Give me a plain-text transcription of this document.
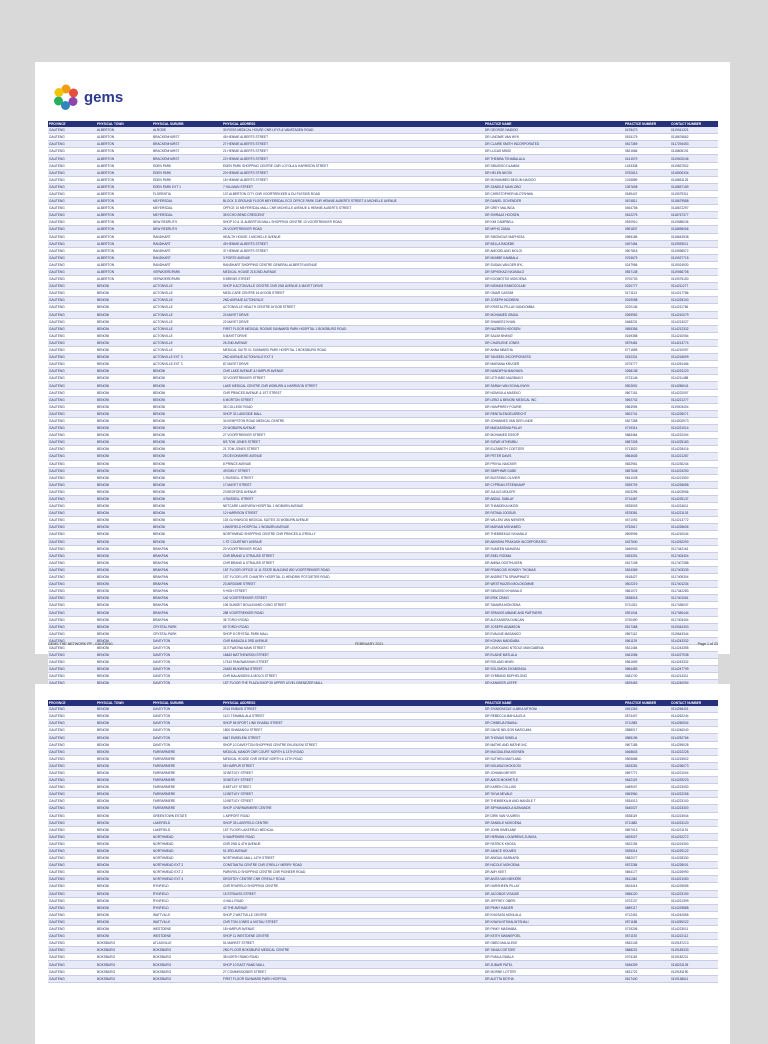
gems
PROVINCE	PHYSICAL TOWN	PHYSICAL SUBURB	PHYSICAL ADDRESS	PRACTICE NAME	PRACTICE NUMBER	CONTACT NUMBER
GAUTENG	ALBERTON	ALRODE	30 ROSS MEDICAL HOUSE CNR LEYS & VANSTADEN ROAD	DR GEORGE NAIDOO	0478473	0119041321
GAUTENG	ALBERTON	BRACKENHURST	45 HENNIE ALBERTS STREET	DR LINDIWE VAN WYK	0515175	0118676662
GAUTENG	ALBERTON	BRACKENHURST	27 HENNIE ALBERTS STREET	DR CLAIRE SMITH INCORPORATED	0617369	0117294453
GAUTENG	ALBERTON	BRACKENHURST	21 HENNIE ALBERTS STREET	DR LUCAS MNISI	0821666	0118605191
GAUTENG	ALBERTON	BRACKENHURST	22 HENNIE ALBERTS STREET	DR THEMBA TSHABALALA	0141579	0119002046
GAUTENG	ALBERTON	EDEN PARK	EDEN PARK SHOPPING CENTRE CNR LOYOLA & HARRISON STREET	DR SIBUSISO DLAMINI	1433338	0119837502
GAUTENG	ALBERTON	EDEN PARK	20 HENNIE ALBERTS STREET	DR HELEN NKOSI	0752613	0118000334
GAUTENG	ALBERTON	EDEN PARK	18 HENNIE ALBERTS STREET	DR MOHAMMED BEGUM NAIDOO	1015889	0118661125
GAUTENG	ALBERTON	EDEN PARK EXT 1	7 HILLMAN STREET	DR SANDILE MAHLOBO	1057608	0118657159
GAUTENG	ALBERTON	FLORENTIA	107 ALBERTON CITY CNR VOORTREKKER & DU PLESSIS ROAD	DR CHRISTOPHER MLOTSHWA	0189447	0119079311
GAUTENG	ALBERTON	MEYERSDAL	BLOCK D GROUND FLOOR MEYERSDAL ECO OFFICE PARK CNR HENNIE ALBERTS STREET & MICHELLE AVENUE	DR DANIEL GOVENDER	0674811	0118679588
GAUTENG	ALBERTON	MEYERSDAL	OFFICE 10 MEYERSDAL MALL CNR MICHELLE AVENUE & HENNIE ALBERTS STREET	DR GREY MALINGA	0464708	0118672297
GAUTENG	ALBERTON	MEYERSDAL	35 ECHO BEND CRESCENT	DR SHIRAAZ HOOSEN	0612275	0118767377
GAUTENG	ALBERTON	NEW REDRUTH	SHOP 10 & 11 ALBERTON MALL SHOPPING CENTRE 13 VOORTREKKER ROAD	DR KIM CAMPBELL	0920910	0119085036
GAUTENG	ALBERTON	NEW REDRUTH	26 VOORTREKKER ROAD	DR MPHO ZUMA	0591837	0118696066
GAUTENG	ALBERTON	RANDHART	HEALTH HOUSE 1 MICHELLE AVENUE	DR SIBONGILE MAPHOSA	0965186	0118643538
GAUTENG	ALBERTON	RANDHART	49 HENNIE ALBERTS STREET	DR BELLA RADEBE	0497464	0119093011
GAUTENG	ALBERTON	RANDHART	37 HENNIE ALBERTS STREET	DR AMOGELANG MOLOI	0507818	0119096572
GAUTENG	ALBERTON	RANDHART	3 PORTE AVENUE	DR MUMBE KAMBALA	0763679	0119027715
GAUTENG	ALBERTON	RANDHART	RANDHART SHOPPING CENTRE GENERAL ALBERTS AVENUE	DR SUSAN VAN DER BYL	0247956	0119024930
GAUTENG	ALBERTON	VERWOERDPARK	MEDICAL HOUSE 218 2ND AVENUE	DR SIPHOKAZI NXUMALO	0557138	0119066708
GAUTENG	ALBERTON	VERWOERDPARK	5 BREWS STREET	DR KGOMOTSO MOKOENA	0700703	0119075150
GAUTENG	BENONI	ACTONVILLE	SHOP 8 ACTONVILLE CENTRE CNR 2ND AVENUE & MAYET DRIVE	DR NISHANI RAMGOOLAM	0220777	0114211277
GAUTENG	BENONI	ACTONVILLE	MEDI-CARE CENTRE 16 AYOOB STREET	DR OMAR CASSIM	0171113	0114217786
GAUTENG	BENONI	ACTONVILLE	2ND AVENUE ACTONVILLE	DR JOSEPH NGOBENI	0319058	0114225100
GAUTENG	BENONI	ACTONVILLE	ACTONVILLE HEALTH CENTRE AYOOB STREET	DR KRISTAL PILLAY-GANGOMBA	0220146	0114211766
GAUTENG	BENONI	ACTONVILLE	24 MAYET DRIVE	DR MOHAMED ISMAIL	0269952	0114210079
GAUTENG	BENONI	ACTONVILLE	22 MAYET DRIVE	DR SHANEEZ KHAN	0468231	0114213027
GAUTENG	BENONI	ACTONVILLE	FIRST FLOOR MEDICAL ROOMS SUNWARD PARK HOSPITAL 1 BOKSBURG ROAD	DR NAZREEN HOOSEN	0655356	0114212332
GAUTENG	BENONI	ACTONVILLE	5 MAYET DRIVE	DR SALIM BHAYAT	0169358	0114210054
GAUTENG	BENONI	ACTONVILLE	26 2ND AVENUE	DR CHARLENE JONES	0579481	0114213774
GAUTENG	BENONI	ACTONVILLE	MEDICAL SUITE 01 SUNWARD PARK HOSPITAL 1 BOKSBURG ROAD	DR ANNA MBATHA	0771855	0114210097
GAUTENG	BENONI	ACTONVILLE EXT 3	2ND AVENUE ACTONVILLE EXT 3	DR TANSEEL INCORPORATED	0152331	0114216699
GAUTENG	BENONI	ACTONVILLE EXT 3	87 MAYET DRIVE	DR MARIANA KRUGER	0275777	0114251466
GAUTENG	BENONI	BENONI	CNR LAKE AVENUE & HARPUR AVENUE	DR NANDIPHA MAKHAYA	0268138	0114224120
GAUTENG	BENONI	BENONI	32 VOORTREKKER STREET	DR LETHABO MAZIBUKO	0723146	0114211488
GAUTENG	BENONI	BENONI	LAKE MEDICAL CENTRE CNR WOBURN & HARRISON STREET	DR SARAH VAN SCHALKWYK	0502691	0114256041
GAUTENG	BENONI	BENONI	CNR PRINCES AVENUE & 1ST STREET	DR NOMVULA MASEKO	0607151	0114222097
GAUTENG	BENONI	BENONI	6 MORTON STREET	DR LEBO & BENONI MEDICAL INC	0692742	0114221277
GAUTENG	BENONI	BENONI	35 COLLEGE ROAD	DR HUMPHREY FOURIE	0563994	0119003404
GAUTENG	BENONI	BENONI	SHOP 32 LAKESIDE MALL	DR RENITA ENGELBRECHT	0602741	0114228071
GAUTENG	BENONI	BENONI	34 KEMPSTON ROAD MEDICAL CENTRE	DR JOHANNES VAN DER LINDE	0527358	0114202973
GAUTENG	BENONI	BENONI	20 WOBURN AVENUE	DR MADASIGIMA PILLAY	0719314	0114221014
GAUTENG	BENONI	BENONI	27 VOORTREKKER STREET	DR MOHAMED ESSOP	0683464	0114222404
GAUTENG	BENONI	BENONI	8/3 TOM JONES STREET	DR SIZWE MTHEMBU	0687328	0114225183
GAUTENG	BENONI	BENONI	21 TOM JONES STREET	DR ELIZABETH COETZER	0713522	0114228416
GAUTENG	BENONI	BENONI	25 DEVONSHIRE AVENUE	DR PETER DAVIS	0564635	0114221287
GAUTENG	BENONI	BENONI	8 PRINCE AVENUE	DR PRIYAL NAICKER	0632961	0114230244
GAUTENG	BENONI	BENONI	49 EMILY STREET	DR SIMPHIWE DUBE	0657648	0114224250
GAUTENG	BENONI	BENONI	1 RUSSELL STREET	DR BLESSING OLIVIER	0641028	0114221500
GAUTENG	BENONI	BENONI	17 MAYET STREET	DR CYPRIAN STEENKAMP	0539703	0114226658
GAUTENG	BENONI	BENONI	23 BEDFORD AVENUE	DR JULIUS MOLEFE	0403296	0114203966
GAUTENG	BENONI	BENONI	4 RUSSELL STREET	DR ABDUL SABLAY	0714487	0114225137
GAUTENG	BENONI	BENONI	NETCARE LAKEVIEW HOSPITAL 1 WOBURN AVENUE	DR THANDEKA NKOSI	0535003	0114224611
GAUTENG	BENONI	BENONI	12 HARRISON STREET	DR FATIMA JOOSUB	0578381	0114221103
GAUTENG	BENONI	BENONI	103 GLYNWOOD MEDICAL SUITES 33 WOBURN AVENUE	DR WILLEM VAN NIEKERK	0471092	0114213772
GAUTENG	BENONI	BENONI	LINKSFIELD HOSPITAL 1 WOBURN AVENUE	DR MARIAM MOHAMED	0752617	0114226606
GAUTENG	BENONI	BENONI	NORTHMEAD SHOPPING CENTRE CNR PRINCES & O'REILLY	DR THEMBEKILE NXUMALO	0605906	0114210044
GAUTENG	BENONI	BENONI	1 ST COURTNEY AVENUE	DR ABHISHA PRAKASH INCORPORATED	0437640	0114252290
GAUTENG	BENONI	BRAKPAN	20 VOORTREKKER ROAD	DR SUMEEN MAHARAJ	0460943	0117442161
GAUTENG	BENONI	BRAKPAN	CNR BRAND & STRAUSS STREET	DR EBEL RODMA	0453251	0117403404
GAUTENG	BENONI	BRAKPAN	CNR BRAND & STRAUSS STREET	DR AMINA OOSTHUIZEN	0517108	0117407388
GAUTENG	BENONI	BRAKPAN	1ST FLOOR OFFICE 11 11 STATE BUILDING 800 VOORTREKKER ROAD	DR FRANCOIS HONSKY THOMAS	0524369	0117403339
GAUTENG	BENONI	BRAKPAN	1ST FLOOR LIFE CHANTRY HOSPITAL 11 HENDRIK POTGIETER ROAD	DR ANDRIETTA SPAMPINATO	0618427	0117409304
GAUTENG	BENONI	BRAKPAN	23 AIRDOME STREET	DR WESTHUIZEN MOLOKOMME	0502219	0117401234
GAUTENG	BENONI	BRAKPAN	9 HIGH STREET	DR SIBUSISO KHUMALO	0661072	0117442283
GAUTENG	BENONI	BRAKPAN	140 VOORTREKKER STREET	DR ERIK CRAIG	0538018	0117401061
GAUTENG	BENONI	BRAKPAN	106 SUNSET BOULEVARD CONG STREET	DR TAMARA MOKOENA	0711331	0117435037
GAUTENG	BENONI	BRAKPAN	288 VOORTREKKER ROAD	DR SPANIOS MBANE AND PARTNERS	0921044	0117450444
GAUTENG	BENONI	BRAKPAN	36 TORCH ROAD	DR ALEXANDRA DUNCAN	0730490	0117403404
GAUTENG	BENONI	CRYSTAL PARK	69 TORCH ROAD	DR JOSEPH ADAMSON	0517368	0119344303
GAUTENG	BENONI	CRYSTAL PARK	SHOP 8 CRYSTAL PARK MALL	DR EVALINE MASANGO	0567112	0119643344
GAUTENG	BENONI	DAVEYTON	CNR MABUZA & 3RD AVENUE	DR KOHAN MADIDABA	0561129	0114243332
GAUTENG	BENONI	DAVEYTON	31 ETWATWA MAIN STREET	DR LEMOGANG NTSOLE MAKGABENA	0521484	0114243355
GAUTENG	BENONI	DAVEYTON	18483 MATTHEWSON STREET	DR ELAINE MATLALA	0461066	0114227938
GAUTENG	BENONI	DAVEYTON	17343 PANGWASHAN STREET	DR ROLAND MNISI	0561659	0114243332
GAUTENG	BENONI	DAVEYTON	24483 MUKWENA STREET	DR SOLOMON SIYABONGA	0664483	0114247799
GAUTENG	BENONI	DAVEYTON	CNR MALANGENI & MOLOI STREET	DR SYBRAND BOPHELONG	0481740	0114214311

GEMS THE NETWORK PP - GAUTENG	FEBRUARY 2021	Page 1 of 23
PROVINCE	PHYSICAL TOWN	PHYSICAL SUBURB	PHYSICAL ADDRESS	PRACTICE NAME	PRACTICE NUMBER	CONTACT NUMBER
GAUTENG	BENONI	DAVEYTON	2016 EMBUSI STREET	DR SIYABONGILE LUMKA MTHONI	0451363	0114256401
GAUTENG	BENONI	DAVEYTON	1121 TSHABALALA STREET	DR REBECCA MAHLALELA	0574407	0114262244
GAUTENG	BENONI	DAVEYTON	SHOP 65 SPORT LINK EHABILI STREET	DR CHIBEUA RAWALI	0711983	0114250534
GAUTENG	BENONI	DAVEYTON	1800 SHABANGU STREET	DR DAVID NELSON MARCUMA	0588017	0114246040
GAUTENG	BENONI	DAVEYTON	6667 EMSELENI STREET	DR THOMAS SIWELA	0585196	0114252766
GAUTENG	BENONI	DAVEYTON	SHOP 10 DAVEYTON SHOPPING CENTRE EKUSILENI STREET	DR MATHE AND MATHE INC	0607185	0114259028
GAUTENG	BENONI	FARRARMERE	MEDICAL MANOR CNR COURT NORTH & 13TH ROAD	DR MAGDALENA KEENEN	0468843	0114222228
GAUTENG	BENONI	FARRARMERE	MEDICAL HOUSE CNR GREAT NORTH & 13TH ROAD	DR SUTHENI MAITLAND	0505686	0114215502
GAUTENG	BENONI	FARRARMERE	55 HARPUR STREET	DR NOLWAZI MOKGOSI	0625281	0114236073
GAUTENG	BENONI	FARRARMERE	32 BETLEY STREET	DR JOHANN MEYER	0697771	0114221004
GAUTENG	BENONI	FARRARMERE	30 BETLEY STREET	DR AMOS MOKHETLE	0642119	0114229223
GAUTENG	BENONI	FARRARMERE	8 BETLEY STREET	DR KAREN COLLINS	0489007	0114223050
GAUTENG	BENONI	FARRARMERE	12 BETLEY STREET	DR TIKVA NEVALE	0653960	0114222268
GAUTENG	BENONI	FARRARMERE	10 BETLEY STREET	DR THEMBEKA M AND MANDLE T	0534013	0114223100
GAUTENG	BENONI	FARRARMERE	SHOP 4 FARRARMERE CENTRE	DR SIPHAMANDLA NZIMANDE	0640027	0114223300
GAUTENG	BENONI	GREENTOWN ESTATE	1 AIRPORT ROAD	DR DIRK VAN VUUREN	0538119	0114224544
GAUTENG	BENONI	LAKEFIELD	SHOP 33 LAKEFIELD CENTRE	DR SANDILE MOKOENA	0711882	0114223120
GAUTENG	BENONI	LAKEFIELD	1ST FLOOR LAKEFIELD MEDICAL	DR JOHN SIMELANE	0657013	0114221191
GAUTENG	BENONI	NORTHMEAD	5 HAMPSHIRE ROAD	DR HERMAN LOUWRENS ZUNIGA	0629027	0114232272
GAUTENG	BENONI	NORTHMEAD	CNR 2ND & 4TH AVENUE	DR PATRICK KHOZA	0622194	0114224300
GAUTENG	BENONI	NORTHMEAD	51 3RD AVENUE	DR JANICE HOLMES	0535014	0114229122
GAUTENG	BENONI	NORTHMEAD	NORTHMEAD MALL 14TH STREET	DR ABIGAIL BARNARD	0582077	0114228330
GAUTENG	BENONI	NORTHMEAD EXT 2	CONSTANTIA CENTRE CNR O'REILLY MERRY ROAD	DR NICOLE MOKOENA	0572284	0114228001
GAUTENG	BENONI	NORTHMEAD EXT 2	PARKFIELD SHOPPING CENTRE CNR PIONEER ROAD	DR AMY KEET	0654177	0114226990
GAUTENG	BENONI	NORTHMEAD EXT 4	DROSTDY CENTRE CNR O'REILLY ROAD	DR ANITA VAN NIEKERK	0611340	0114221060
GAUTENG	BENONI	RYNFIELD	CNR RYNFIELD SHOPPING CENTRE	DR HARSHEEN PILLAY	0624414	0114225555
GAUTENG	BENONI	RYNFIELD	15 STRAUSS STREET	DR JACOBUS VISAGIE	0656120	0114223190
GAUTENG	BENONI	RYNFIELD	4 HALL ROAD	DR JEFFREY OBERI	0702137	0114221399
GAUTENG	BENONI	RYNFIELD	42 THE AVENUE	DR PINNY HAIDER	0689117	0114229888
GAUTENG	BENONI	WATTVILLE	SHOP 2 WATTVILLE CENTRE	DR KHOSATA MOHLALA	0712451	0114242555
GAUTENG	BENONI	WATTVILLE	CNR TOM JONES & MOTAU STREET	DR KHAYA NTSHALINTSHALI	0571188	0114250022
GAUTENG	BENONI	WESTDENE	18 HARPUR AVENUE	DR PINKY MASHABA	0719206	0114223011
GAUTENG	BENONI	WESTDENE	SHOP 11 WESTDENE CENTRE	DR KEITH SWANEPOEL	0571192	0114222112
GAUTENG	BOKSBURG	ATLASVILLE	51 MARKET STREET	DR OBED MALULEKE	0532145	0119187213
GAUTENG	BOKSBURG	BOKSBURG	2ND FLOOR BOKSBURG MEDICAL CENTRE	DR TANIA COETZEE	0688201	0119183333
GAUTENG	BOKSBURG	BOKSBURG	38 NORTH RAND ROAD	DR PUMLA GWALA	0703118	0119182211
GAUTENG	BOKSBURG	BOKSBURG	SHOP 10 EAST RAND MALL	DR ZUBAIR PATEL	0546309	0118231105
GAUTENG	BOKSBURG	BOKSBURG	27 COMMISSIONER STREET	DR MORNE LOTTER	0631722	0119181190
GAUTENG	BOKSBURG	BOKSBURG	FIRST FLOOR SUNWARD PARK HOSPITAL	DR ALETTA BOTHA	0617440	0119136611
